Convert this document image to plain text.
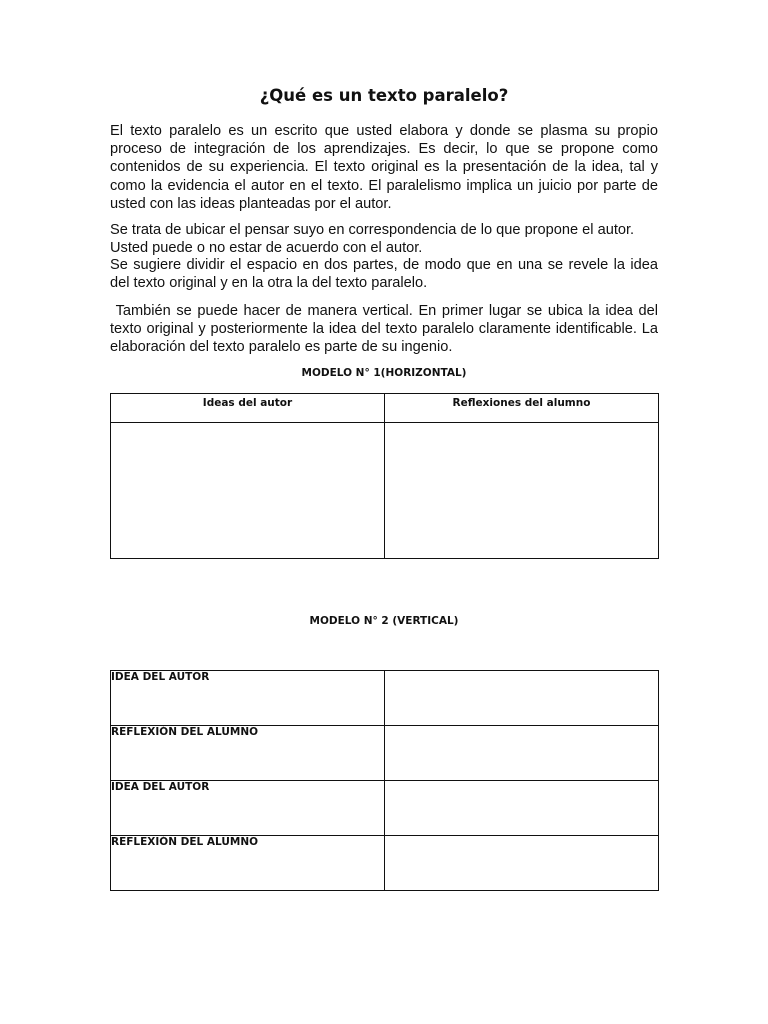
¿Qué es un texto paralelo?

El texto paralelo es un escrito que usted elabora y donde se plasma su propio proceso de integración de los aprendizajes. Es decir, lo que se propone como contenidos de su experiencia. El texto original es la presentación de la idea, tal y como la evidencia el autor en el texto. El paralelismo implica un juicio por parte de usted con las ideas planteadas por el autor.

Se trata de ubicar el pensar suyo en correspondencia de lo que propone el autor.

Usted puede o no estar de acuerdo con el autor.

Se sugiere dividir el espacio en dos partes, de modo que en una se revele la idea del texto original y en la otra la del texto paralelo.

También se puede hacer de manera vertical. En primer lugar se ubica la idea del texto original y posteriormente la idea del texto paralelo claramente identificable. La elaboración del texto paralelo es parte de su ingenio.

MODELO N° 1(HORIZONTAL)

Ideas del autor	Reflexiones del alumno

MODELO N° 2 (VERTICAL)

IDEA DEL AUTOR	
REFLEXIÓN DEL ALUMNO	
IDEA DEL AUTOR	
REFLEXIÓN DEL ALUMNO	
